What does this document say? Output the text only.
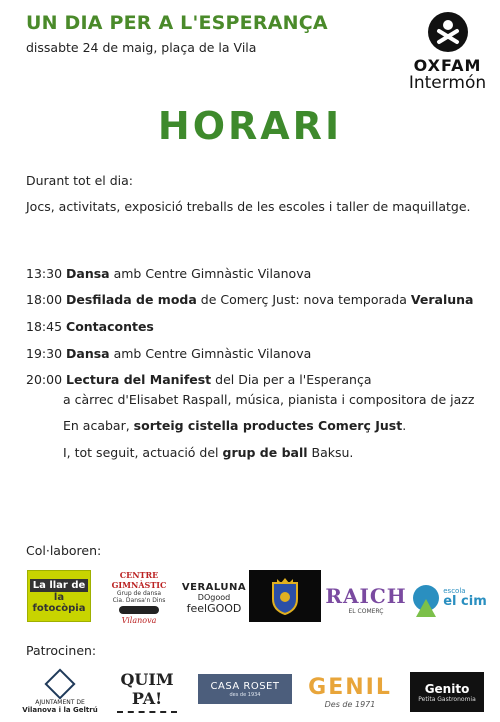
UN DIA PER A L'ESPERANÇA
dissabte 24 de maig, plaça de la Vila
OXFAM
Intermón
HORARI
Durant tot el dia:
Jocs, activitats, exposició treballs de les escoles i taller de maquillatge.
13:30 Dansa amb Centre Gimnàstic Vilanova
18:00 Desfilada de moda de Comerç Just: nova temporada Veraluna
18:45 Contacontes
19:30 Dansa amb Centre Gimnàstic Vilanova
20:00 Lectura del Manifest del Dia per a l'Esperança
a càrrec d'Elisabet Raspall, música, pianista i compositora de jazz
En acabar, sorteig cistella productes Comerç Just.
I, tot seguit, actuació del grup de ball Baksu.
Col·laboren:
La llar de
la fotocòpia
CENTRE GIMNÀSTIC
Grup de dansa
Cia. Dansa'n Dins
Vilanova
VERALUNA
DOgood
feelGOOD
RAICH
EL COMERÇ
escola
el cim
Patrocinen:
AJUNTAMENT DE
Vilanova i la Geltrú
QUIM PA!
CASA ROSET
des de 1934 GENIL
Des de 1971
Genito
Petita Gastronomia
